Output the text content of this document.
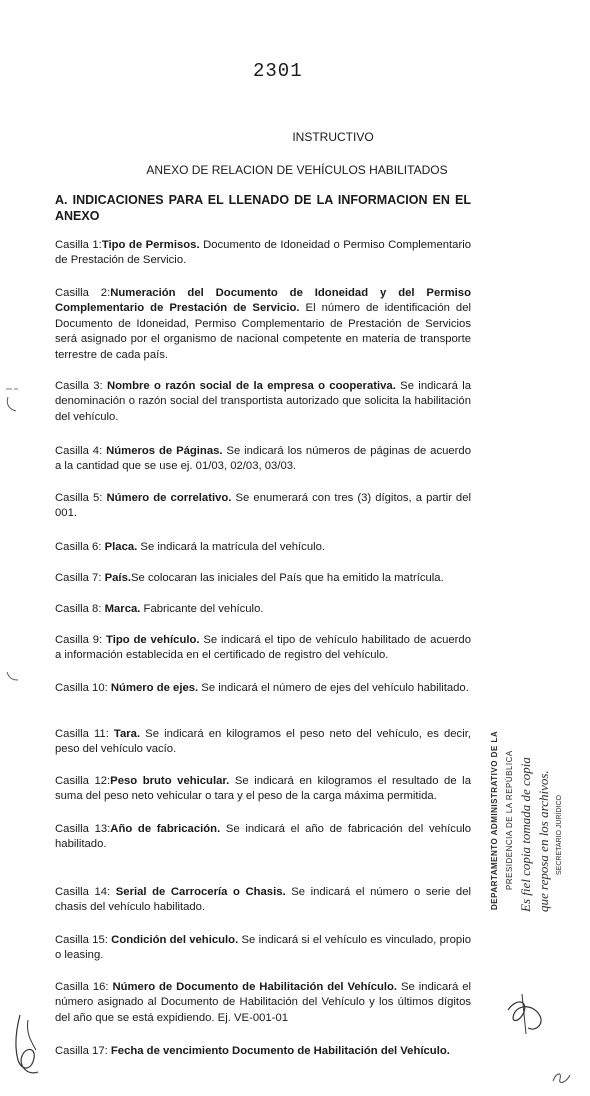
2301
INSTRUCTIVO
ANEXO DE RELACION DE VEHÍCULOS HABILITADOS
A. INDICACIONES PARA EL LLENADO DE LA INFORMACION EN EL ANEXO
Casilla 1:Tipo de Permisos. Documento de Idoneidad o Permiso Complementario de Prestación de Servicio.
Casilla 2:Numeración del Documento de Idoneidad y del Permiso Complementario de Prestación de Servicio. El número de identificación del Documento de Idoneidad, Permiso Complementario de Prestación de Servicios será asignado por el organismo de nacional competente en materia de transporte terrestre de cada país.
Casilla 3: Nombre o razón social de la empresa o cooperativa. Se indicará la denominación o razón social del transportista autorizado que solicita la habilitación del vehículo.
Casilla 4: Números de Páginas. Se indicará los números de páginas de acuerdo a la cantidad que se use ej. 01/03, 02/03, 03/03.
Casilla 5: Número de correlativo. Se enumerará con tres (3) dígitos, a partir del 001.
Casilla 6: Placa. Se indicará la matrícula del vehículo.
Casilla 7: País.Se colocaran las iniciales del País que ha emitido la matrícula.
Casilla 8: Marca. Fabricante del vehículo.
Casilla 9: Tipo de vehículo. Se indicará el tipo de vehículo habilitado de acuerdo a información establecida en el certificado de registro del vehículo.
Casilla 10: Número de ejes. Se indicará el número de ejes del vehículo habilitado.
Casilla 11: Tara. Se indicará en kilogramos el peso neto del vehículo, es decir, peso del vehículo vacío.
Casilla 12:Peso bruto vehicular. Se indicará en kilogramos el resultado de la suma del peso neto vehicular o tara y el peso de la carga máxima permitida.
Casilla 13:Año de fabricación. Se indicará el año de fabricación del vehículo habilitado.
Casilla 14: Serial de Carrocería o Chasis. Se indicará el número o serie del chasis del vehículo habilitado.
Casilla 15: Condición del vehiculo. Se indicará si el vehículo es vinculado, propio o leasing.
Casilla 16: Número de Documento de Habilitación del Vehículo. Se indicará el número asignado al Documento de Habilitación del Vehículo y los últimos dígitos del año que se está expidiendo. Ej. VE-001-01
Casilla 17: Fecha de vencimiento Documento de Habilitación del Vehículo.
DEPARTAMENTO ADMINISTRATIVO DE LA PRESIDENCIA DE LA REPÚBLICA Es fiel copia tomada de copia que reposa en los archivos. SECRETARIO JURÍDICO
